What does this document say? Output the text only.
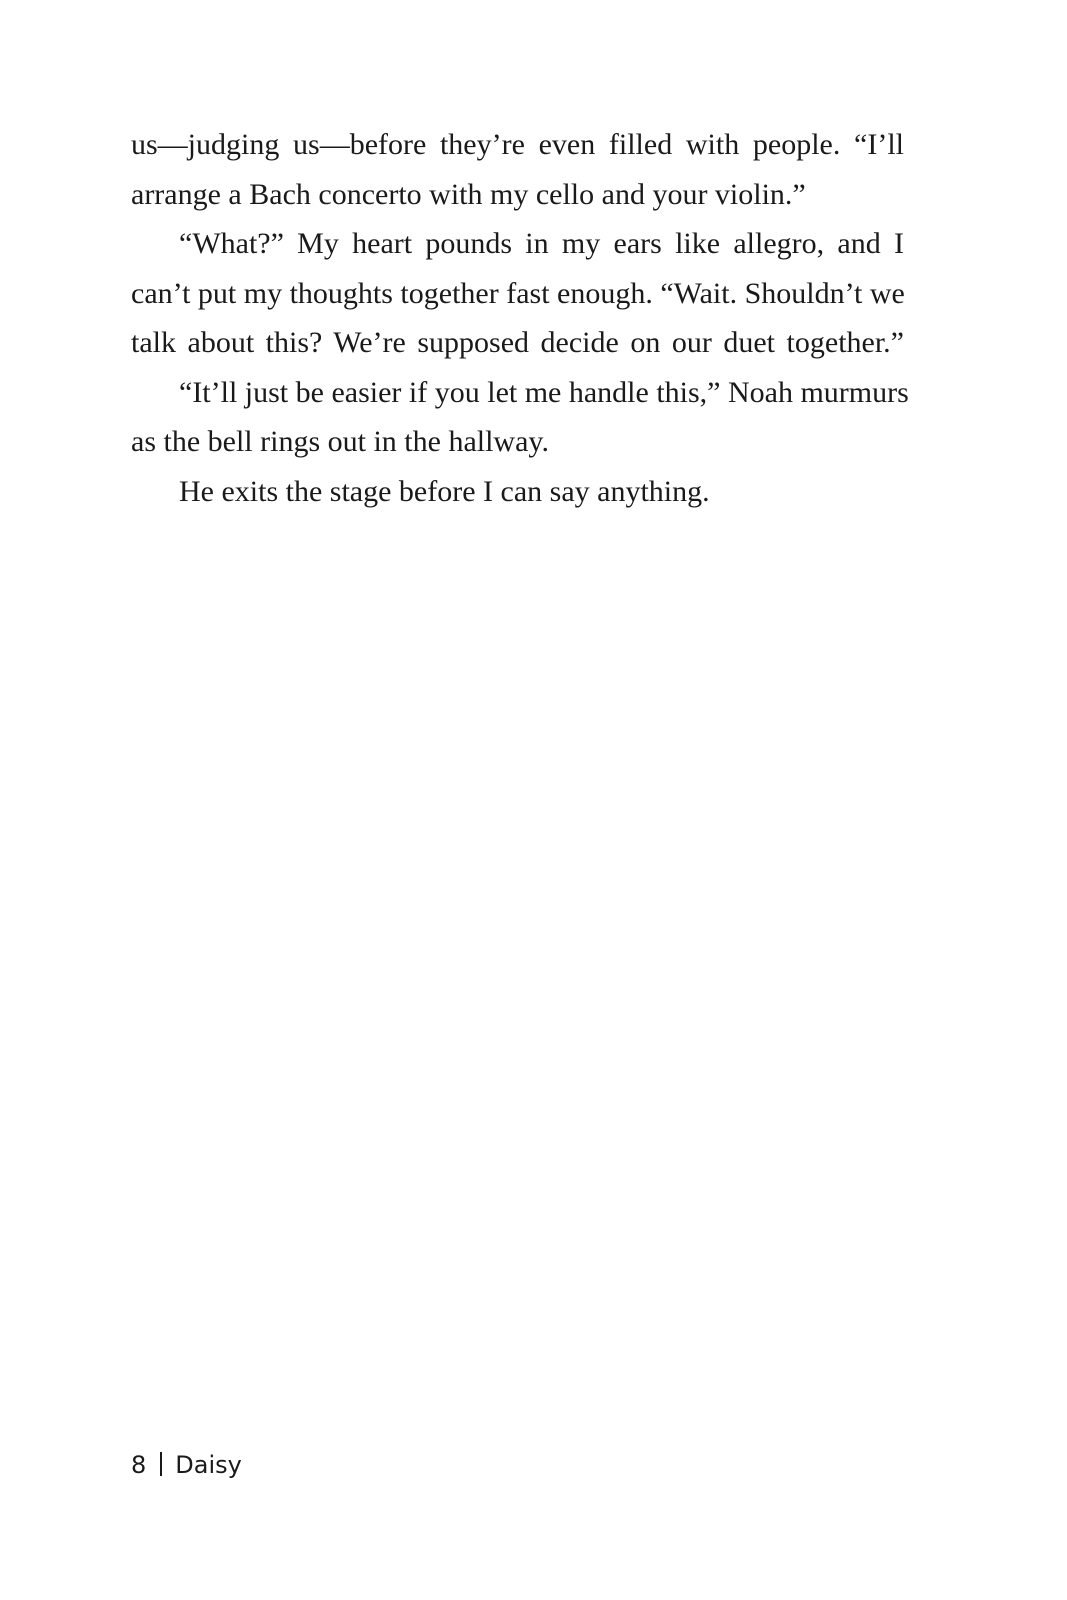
us—judging us—before they’re even filled with people. “I’ll
arrange a Bach concerto with my cello and your violin.”
“What?” My heart pounds in my ears like allegro, and I
can’t put my thoughts together fast enough. “Wait. Shouldn’t we
talk about this? We’re supposed decide on our duet together.”
“It’ll just be easier if you let me handle this,” Noah murmurs
as the bell rings out in the hallway.
He exits the stage before I can say anything.
8 Daisy
